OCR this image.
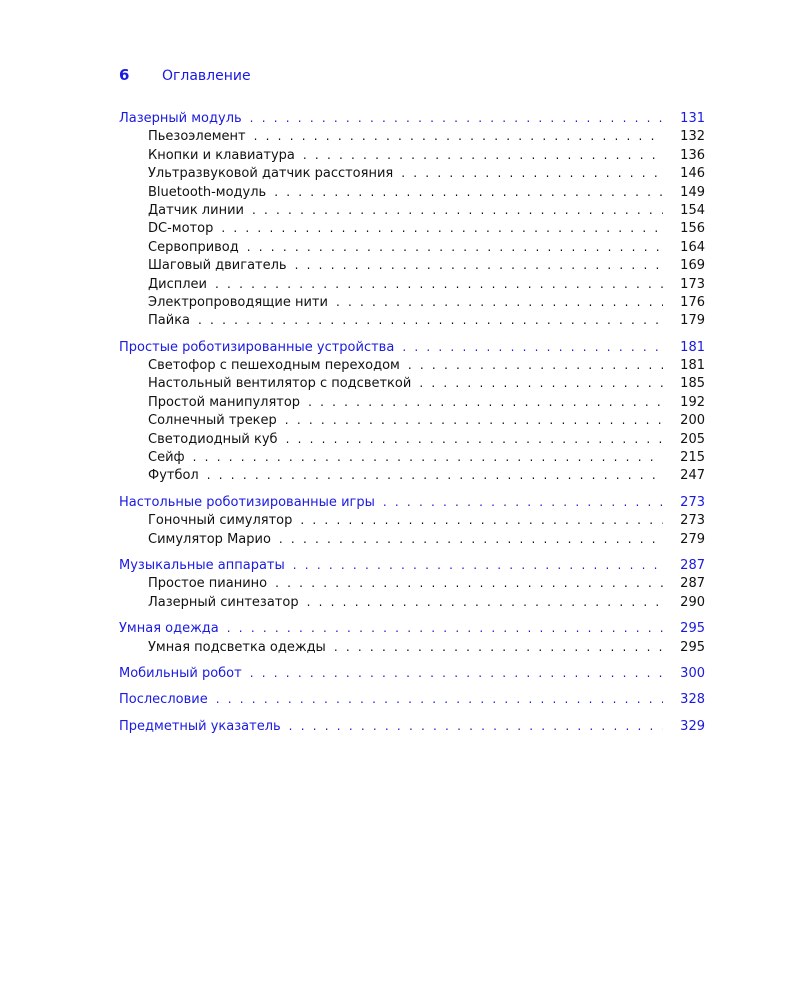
6	Оглавление
Лазерный модуль . . .	131
Пьезоэлемент . . .	132
Кнопки и клавиатура . . .	136
Ультразвуковой датчик расстояния . . .	146
Bluetooth-модуль . . .	149
Датчик линии . . .	154
DC-мотор . . .	156
Сервопривод . . .	164
Шаговый двигатель . . .	169
Дисплеи . . .	173
Электропроводящие нити . . .	176
Пайка . . .	179
Простые роботизированные устройства . . .	181
Светофор с пешеходным переходом . . .	181
Настольный вентилятор с подсветкой . . .	185
Простой манипулятор . . .	192
Солнечный трекер . . .	200
Светодиодный куб . . .	205
Сейф . . .	215
Футбол . . .	247
Настольные роботизированные игры . . .	273
Гоночный симулятор . . .	273
Симулятор Марио . . .	279
Музыкальные аппараты . . .	287
Простое пианино . . .	287
Лазерный синтезатор . . .	290
Умная одежда . . .	295
Умная подсветка одежды . . .	295
Мобильный робот . . .	300
Послесловие . . .	328
Предметный указатель . . .	329
